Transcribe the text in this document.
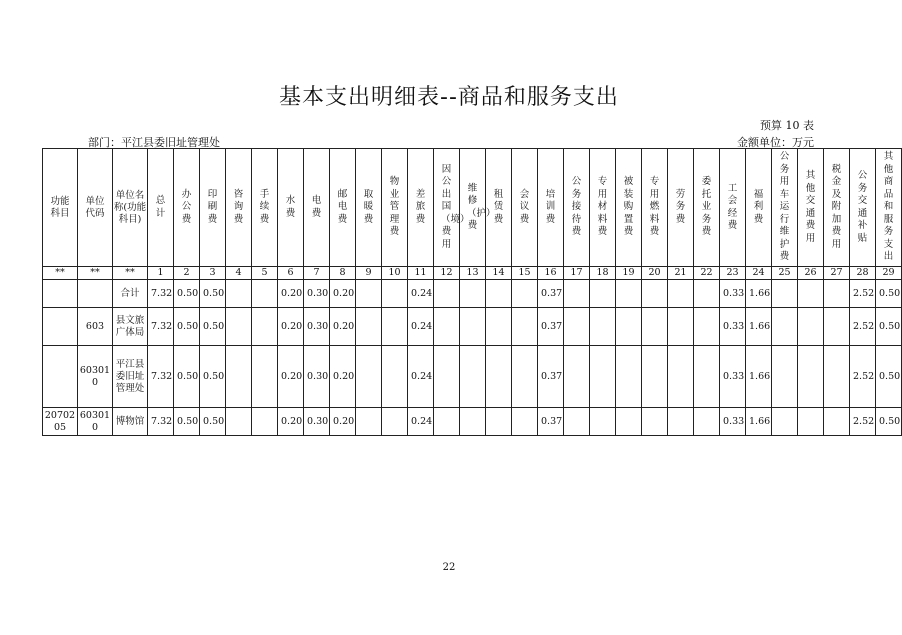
基本支出明细表--商品和服务支出
预算 10 表
部门：平江县委旧址管理处	金额单位：万元
功能科目	单位代码	单位名称(功能科目)	总计	办公费	印刷费	咨询费	手续费	水费	电费	邮电费	取暖费	物业管理费	差旅费	因公出国（境）费用	维修（护）费	租赁费	会议费	培训费	公务接待费	专用材料费	被装购置费	专用燃料费	劳务费	委托业务费	工会经费	福利费	公务用车运行维护费	其他交通费用	税金及附加费用	公务交通补贴	其他商品和服务支出

**	**	**	1	2	3	4	5	6	7	8	9	10	11	12	13	14	15	16	17	18	19	20	21	22	23	24	25	26	27	28	29

		合计	7.32	0.50	0.50			0.20	0.30	0.20			0.24					0.37							0.33	1.66				2.52	0.50

	603	县文旅广体局	7.32	0.50	0.50			0.20	0.30	0.20			0.24					0.37							0.33	1.66				2.52	0.50

	603010	平江县委旧址管理处	7.32	0.50	0.50			0.20	0.30	0.20			0.24					0.37							0.33	1.66				2.52	0.50

2070205	603010	博物馆	7.32	0.50	0.50			0.20	0.30	0.20			0.24					0.37							0.33	1.66				2.52	0.50
22
